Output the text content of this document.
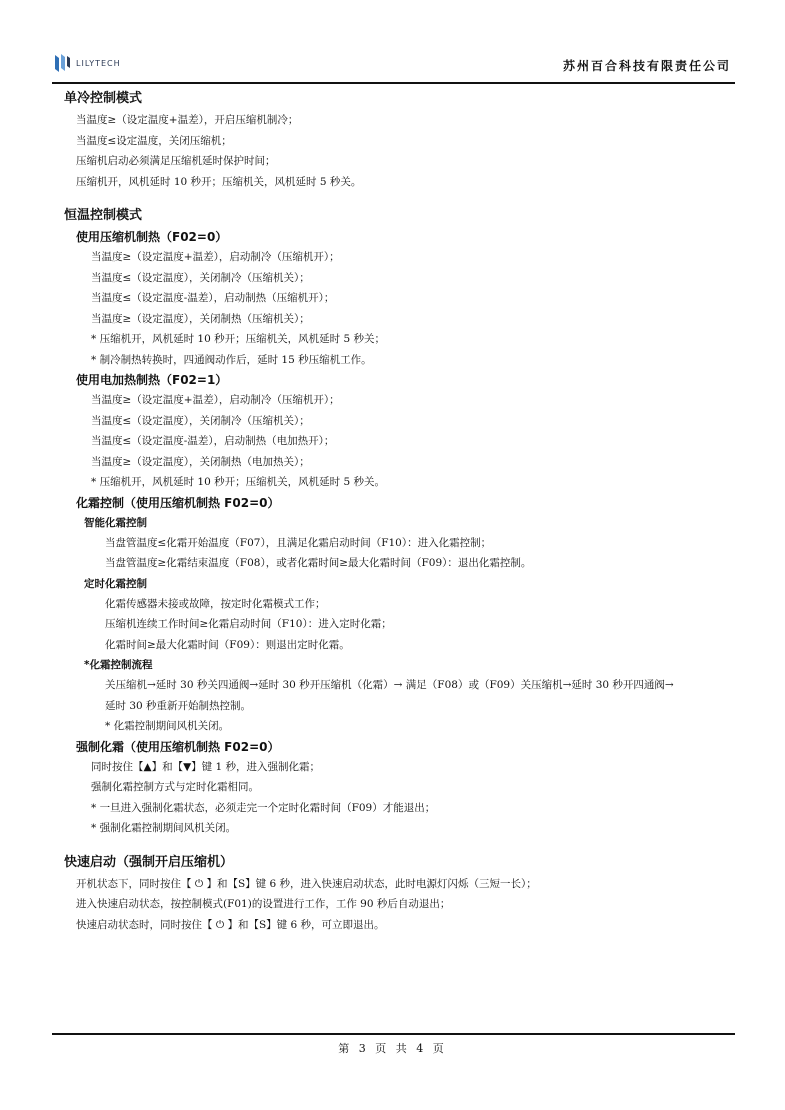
LILYTECH	苏州百合科技有限责任公司
单冷控制模式
当温度≥（设定温度+温差），开启压缩机制冷；
当温度≤设定温度，关闭压缩机；
压缩机启动必须满足压缩机延时保护时间；
压缩机开，风机延时 10 秒开；压缩机关，风机延时 5 秒关。
恒温控制模式
使用压缩机制热（F02=0）
当温度≥（设定温度+温差），启动制冷（压缩机开）；
当温度≤（设定温度），关闭制冷（压缩机关）；
当温度≤（设定温度-温差），启动制热（压缩机开）；
当温度≥（设定温度），关闭制热（压缩机关）；
* 压缩机开，风机延时 10 秒开；压缩机关，风机延时 5 秒关；
* 制冷制热转换时，四通阀动作后，延时 15 秒压缩机工作。
使用电加热制热（F02=1）
当温度≥（设定温度+温差），启动制冷（压缩机开）；
当温度≤（设定温度），关闭制冷（压缩机关）；
当温度≤（设定温度-温差），启动制热（电加热开）；
当温度≥（设定温度），关闭制热（电加热关）；
* 压缩机开，风机延时 10 秒开；压缩机关，风机延时 5 秒关。
化霜控制（使用压缩机制热 F02=0）
智能化霜控制
当盘管温度≤化霜开始温度（F07），且满足化霜启动时间（F10）：进入化霜控制；
当盘管温度≥化霜结束温度（F08），或者化霜时间≥最大化霜时间（F09）：退出化霜控制。
定时化霜控制
化霜传感器未接或故障，按定时化霜模式工作；
压缩机连续工作时间≥化霜启动时间（F10）：进入定时化霜；
化霜时间≥最大化霜时间（F09）：则退出定时化霜。
*化霜控制流程
关压缩机→延时 30 秒关四通阀→延时 30 秒开压缩机（化霜）→ 满足（F08）或（F09）关压缩机→延时 30 秒开四通阀→
延时 30 秒重新开始制热控制。
* 化霜控制期间风机关闭。
强制化霜（使用压缩机制热 F02=0）
同时按住【▲】和【▼】键 1 秒，进入强制化霜；
强制化霜控制方式与定时化霜相同。
* 一旦进入强制化霜状态，必须走完一个定时化霜时间（F09）才能退出；
* 强制化霜控制期间风机关闭。
快速启动（强制开启压缩机）
开机状态下，同时按住【 ⏻ 】和【S】键 6 秒，进入快速启动状态，此时电源灯闪烁（三短一长）；
进入快速启动状态，按控制模式(F01)的设置进行工作，工作 90 秒后自动退出；
快速启动状态时，同时按住【 ⏻ 】和【S】键 6 秒，可立即退出。
第 3 页 共 4 页
